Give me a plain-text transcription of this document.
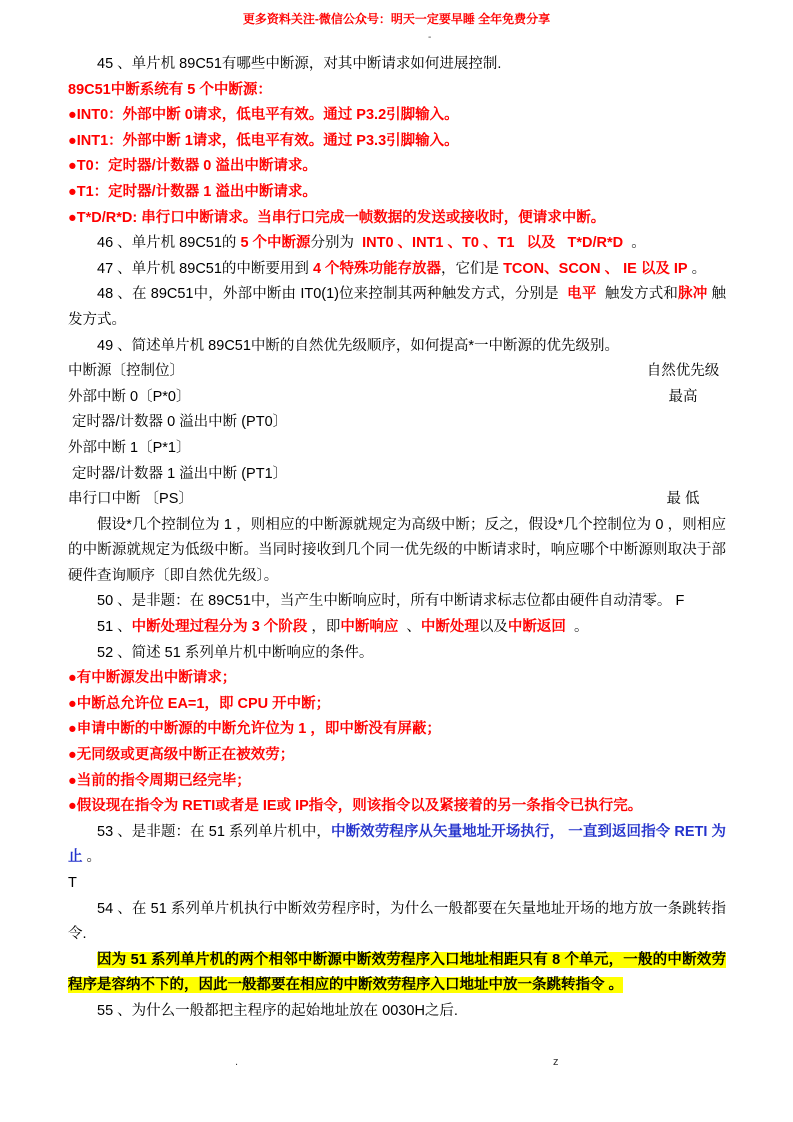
更多资料关注-微信公众号：明天一定要早睡 全年免费分享
-

45 、单片机 89C51有哪些中断源，对其中断请求如何进展控制.

89C51中断系统有 5 个中断源：

●INT0：外部中断 0请求，低电平有效。通过 P3.2引脚输入。

●INT1：外部中断 1请求，低电平有效。通过 P3.3引脚输入。

●T0：定时器/计数器 0 溢出中断请求。

●T1：定时器/计数器 1 溢出中断请求。

●T*D/R*D: 串行口中断请求。当串行口完成一帧数据的发送或接收时，便请求中断。

46 、单片机 89C51的 5 个中断源分别为  INT0 、INT1 、T0 、T1   以及   T*D/R*D  。

47 、单片机 89C51的中断要用到 4 个特殊功能存放器，它们是 TCON、SCON 、 IE 以及 IP 。

48 、在 89C51中，外部中断由 IT0(1)位来控制其两种触发方式，分别是  电平  触发方式和脉冲 触发方式。

49 、简述单片机 89C51中断的自然优先级顺序，如何提高*一中断源的优先级别。

中断源〔控制位〕	自然优先级

外部中断 0〔P*0〕	最高

定时器/计数器 0 溢出中断 (PT0〕

外部中断 1〔P*1〕

定时器/计数器 1 溢出中断 (PT1〕

串行口中断 〔PS〕	最 低

假设*几个控制位为 1 ，则相应的中断源就规定为高级中断；反之，假设*几个控制位为 0 ，则相应的中断源就规定为低级中断。当同时接收到几个同一优先级的中断请求时，响应哪个中断源则取决于部硬件查询顺序〔即自然优先级〕。

50 、是非题：在 89C51中，当产生中断响应时，所有中断请求标志位都由硬件自动清零。 F

51 、中断处理过程分为 3 个阶段 ，即中断响应  、中断处理以及中断返回  。

52 、简述 51 系列单片机中断响应的条件。

●有中断源发出中断请求；

●中断总允许位 EA=1，即 CPU 开中断；

●申请中断的中断源的中断允许位为 1 ，即中断没有屏蔽；

●无同级或更高级中断正在被效劳；

●当前的指令周期已经完毕；

●假设现在指令为 RETI或者是 IE或 IP指令，则该指令以及紧接着的另一条指令已执行完。

53 、是非题：在 51 系列单片机中，中断效劳程序从矢量地址开场执行， 一直到返回指令 RETI 为止 。

T

54 、在 51 系列单片机执行中断效劳程序时，为什么一般都要在矢量地址开场的地方放一条跳转指令.

因为 51 系列单片机的两个相邻中断源中断效劳程序入口地址相距只有 8 个单元，一般的中断效劳程序是容纳不下的，因此一般都要在相应的中断效劳程序入口地址中放一条跳转指令 。

55 、为什么一般都把主程序的起始地址放在 0030H之后.

.	z
